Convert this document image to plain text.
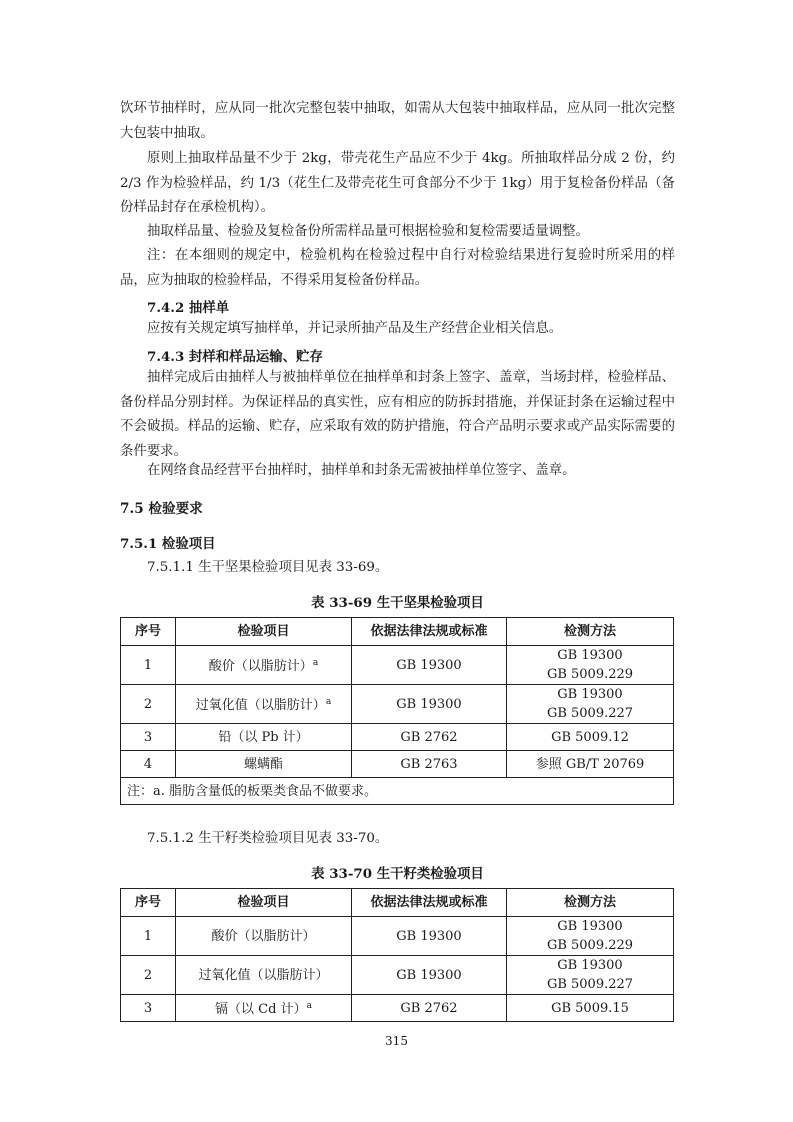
饮环节抽样时，应从同一批次完整包装中抽取，如需从大包装中抽取样品，应从同一批次完整大包装中抽取。

原则上抽取样品量不少于 2kg，带壳花生产品应不少于 4kg。所抽取样品分成 2 份，约 2/3 作为检验样品，约 1/3（花生仁及带壳花生可食部分不少于 1kg）用于复检备份样品（备份样品封存在承检机构）。

抽取样品量、检验及复检备份所需样品量可根据检验和复检需要适量调整。

注：在本细则的规定中，检验机构在检验过程中自行对检验结果进行复验时所采用的样品，应为抽取的检验样品，不得采用复检备份样品。

7.4.2 抽样单

应按有关规定填写抽样单，并记录所抽产品及生产经营企业相关信息。

7.4.3 封样和样品运输、贮存

抽样完成后由抽样人与被抽样单位在抽样单和封条上签字、盖章，当场封样，检验样品、备份样品分别封样。为保证样品的真实性，应有相应的防拆封措施，并保证封条在运输过程中不会破损。样品的运输、贮存，应采取有效的防护措施，符合产品明示要求或产品实际需要的条件要求。

在网络食品经营平台抽样时，抽样单和封条无需被抽样单位签字、盖章。

7.5 检验要求

7.5.1 检验项目

7.5.1.1 生干坚果检验项目见表 33-69。

表 33-69 生干坚果检验项目

序号	检验项目	依据法律法规或标准	检测方法
1	酸价（以脂肪计）$^a$	GB 19300	GB 19300
GB 5009.229

2	过氧化值（以脂肪计）$^a$	GB 19300	GB 19300
GB 5009.227

3	铅（以 Pb 计）	GB 2762	GB 5009.12
4	螺螨酯	GB 2763	参照 GB/T 20769
注：a. 脂肪含量低的板栗类食品不做要求。			

7.5.1.2 生干籽类检验项目见表 33-70。

表 33-70 生干籽类检验项目

序号	检验项目	依据法律法规或标准	检测方法
1	酸价（以脂肪计）	GB 19300	GB 19300
GB 5009.229

2	过氧化值（以脂肪计）	GB 19300	GB 19300
GB 5009.227

3	镉（以 Cd 计）$^a$	GB 2762	GB 5009.15
315
